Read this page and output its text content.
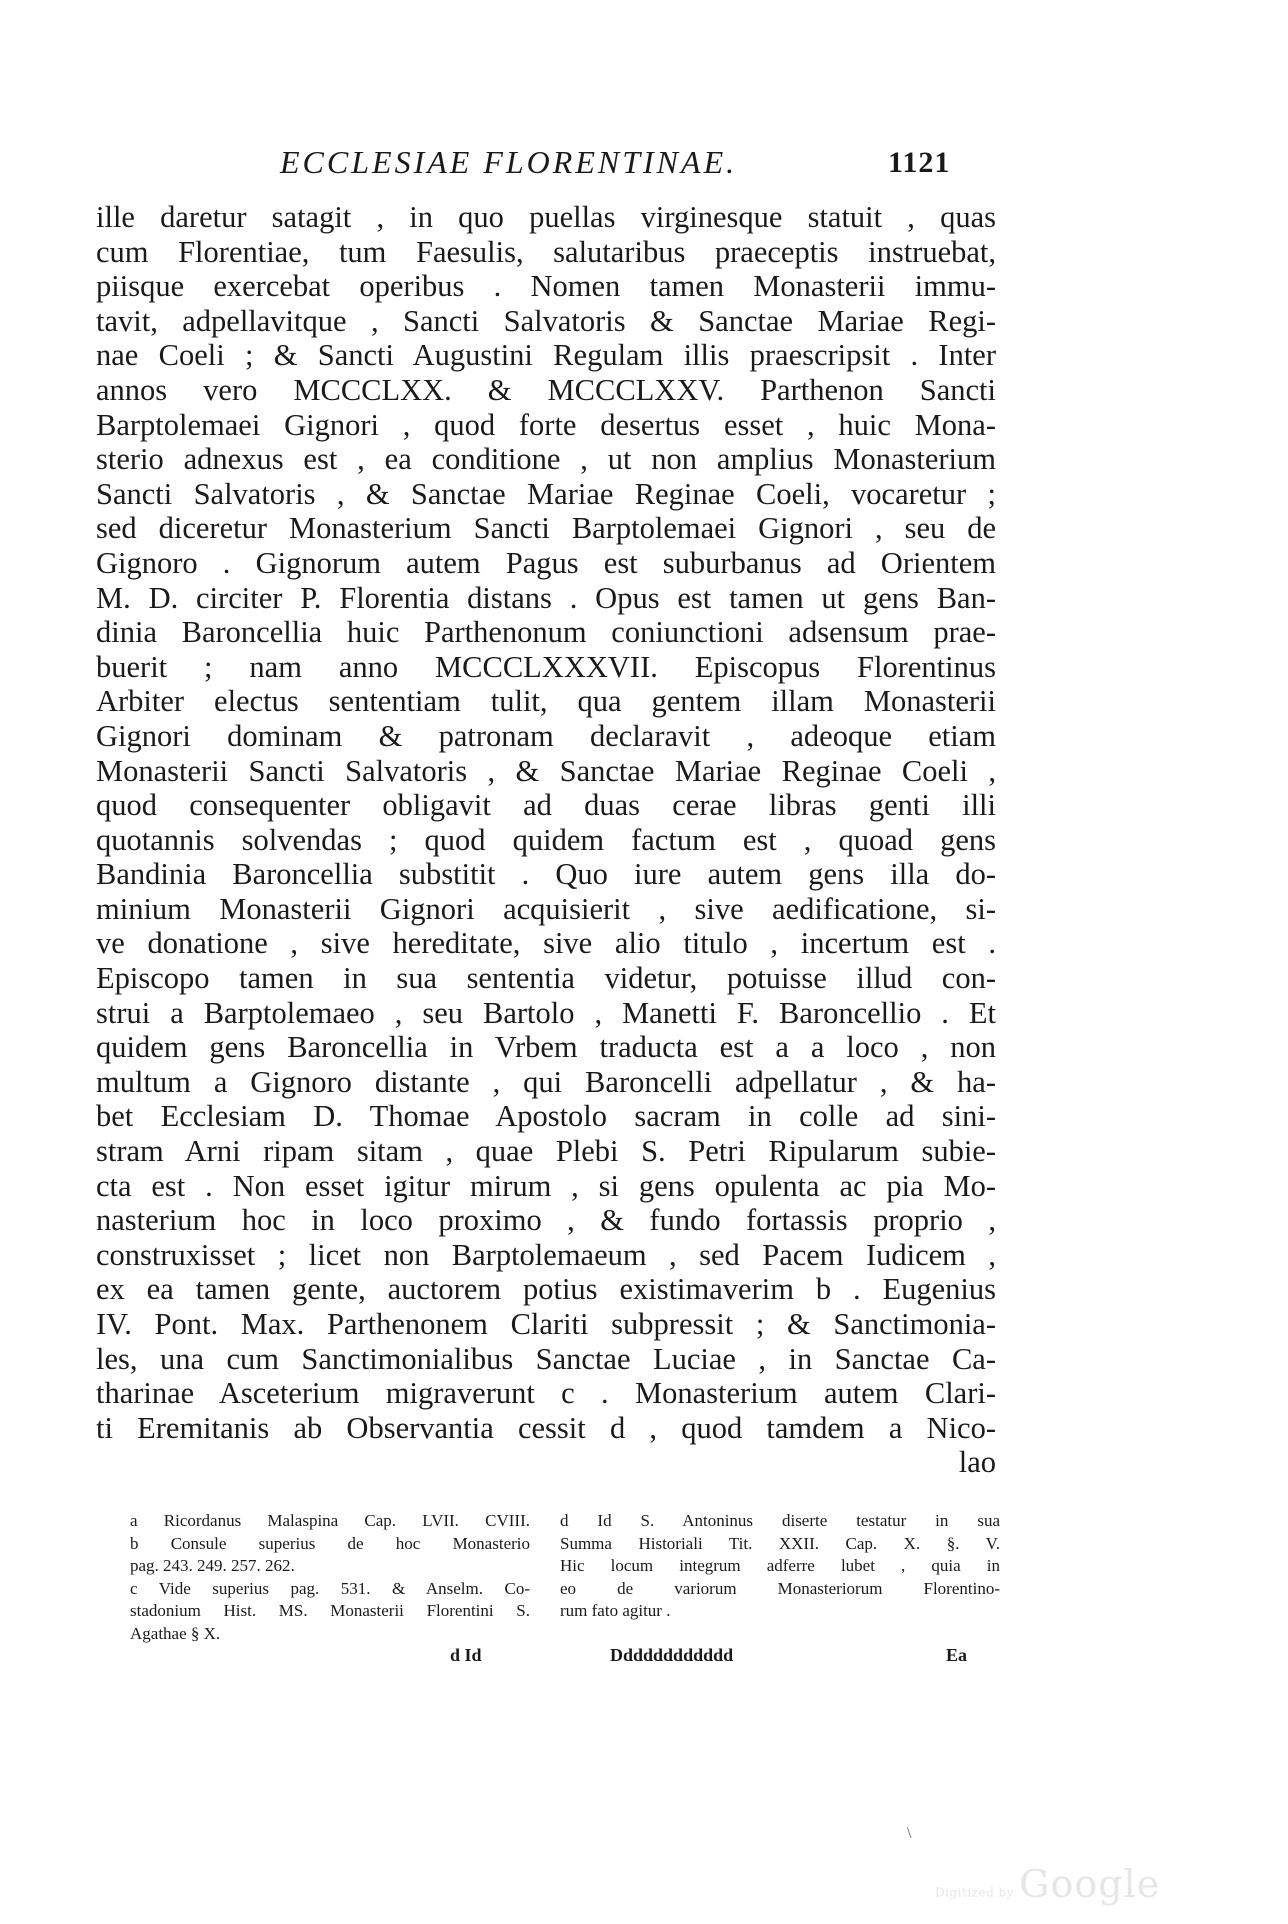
ECCLESIAE FLORENTINAE.	1121
ille daretur satagit , in quo puellas virginesque statuit , quas
cum Florentiae, tum Faesulis, salutaribus praeceptis instruebat,
piisque exercebat operibus . Nomen tamen Monasterii immu-
tavit, adpellavitque , Sancti Salvatoris & Sanctae Mariae Regi-
nae Coeli ; & Sancti Augustini Regulam illis praescripsit . Inter
annos vero MCCCLXX. & MCCCLXXV. Parthenon Sancti
Barptolemaei Gignori , quod forte desertus esset , huic Mona-
sterio adnexus est , ea conditione , ut non amplius Monasterium
Sancti Salvatoris , & Sanctae Mariae Reginae Coeli, vocaretur ;
sed diceretur Monasterium Sancti Barptolemaei Gignori , seu de
Gignoro . Gignorum autem Pagus est suburbanus ad Orientem
M. D. circiter P. Florentia distans . Opus est tamen ut gens Ban-
dinia Baroncellia huic Parthenonum coniunctioni adsensum prae-
buerit ; nam anno MCCCLXXXVII. Episcopus Florentinus
Arbiter electus sententiam tulit, qua gentem illam Monasterii
Gignori dominam & patronam declaravit , adeoque etiam
Monasterii Sancti Salvatoris , & Sanctae Mariae Reginae Coeli ,
quod consequenter obligavit ad duas cerae libras genti illi
quotannis solvendas ; quod quidem factum est , quoad gens
Bandinia Baroncellia substitit . Quo iure autem gens illa do-
minium Monasterii Gignori acquisierit , sive aedificatione, si-
ve donatione , sive hereditate, sive alio titulo , incertum est .
Episcopo tamen in sua sententia videtur, potuisse illud con-
strui a Barptolemaeo , seu Bartolo , Manetti F. Baroncellio . Et
quidem gens Baroncellia in Vrbem traducta est a a loco , non
multum a Gignoro distante , qui Baroncelli adpellatur , & ha-
bet Ecclesiam D. Thomae Apostolo sacram in colle ad sini-
stram Arni ripam sitam , quae Plebi S. Petri Ripularum subie-
cta est . Non esset igitur mirum , si gens opulenta ac pia Mo-
nasterium hoc in loco proximo , & fundo fortassis proprio ,
construxisset ; licet non Barptolemaeum , sed Pacem Iudicem ,
ex ea tamen gente, auctorem potius existimaverim b . Eugenius
IV. Pont. Max. Parthenonem Clariti subpressit ; & Sanctimonia-
les, una cum Sanctimonialibus Sanctae Luciae , in Sanctae Ca-
tharinae Asceterium migraverunt c . Monasterium autem Clari-
ti Eremitanis ab Observantia cessit d , quod tamdem a Nico-
lao
a Ricordanus Malaspina Cap. LVII. CVIII.
b Consule superius de hoc Monasterio
pag. 243. 249. 257. 262.
c Vide superius pag. 531. & Anselm. Co-
stadonium Hist. MS. Monasterii Florentini S.
Agathae § X.
d Id S. Antoninus diserte testatur in sua
Summa Historiali Tit. XXII. Cap. X. §. V.
Hic locum integrum adferre lubet , quia in
eo de variorum Monasteriorum Florentino-
rum fato agitur .
d Id	Dddddddddddd	Ea
\
Digitized by Google
